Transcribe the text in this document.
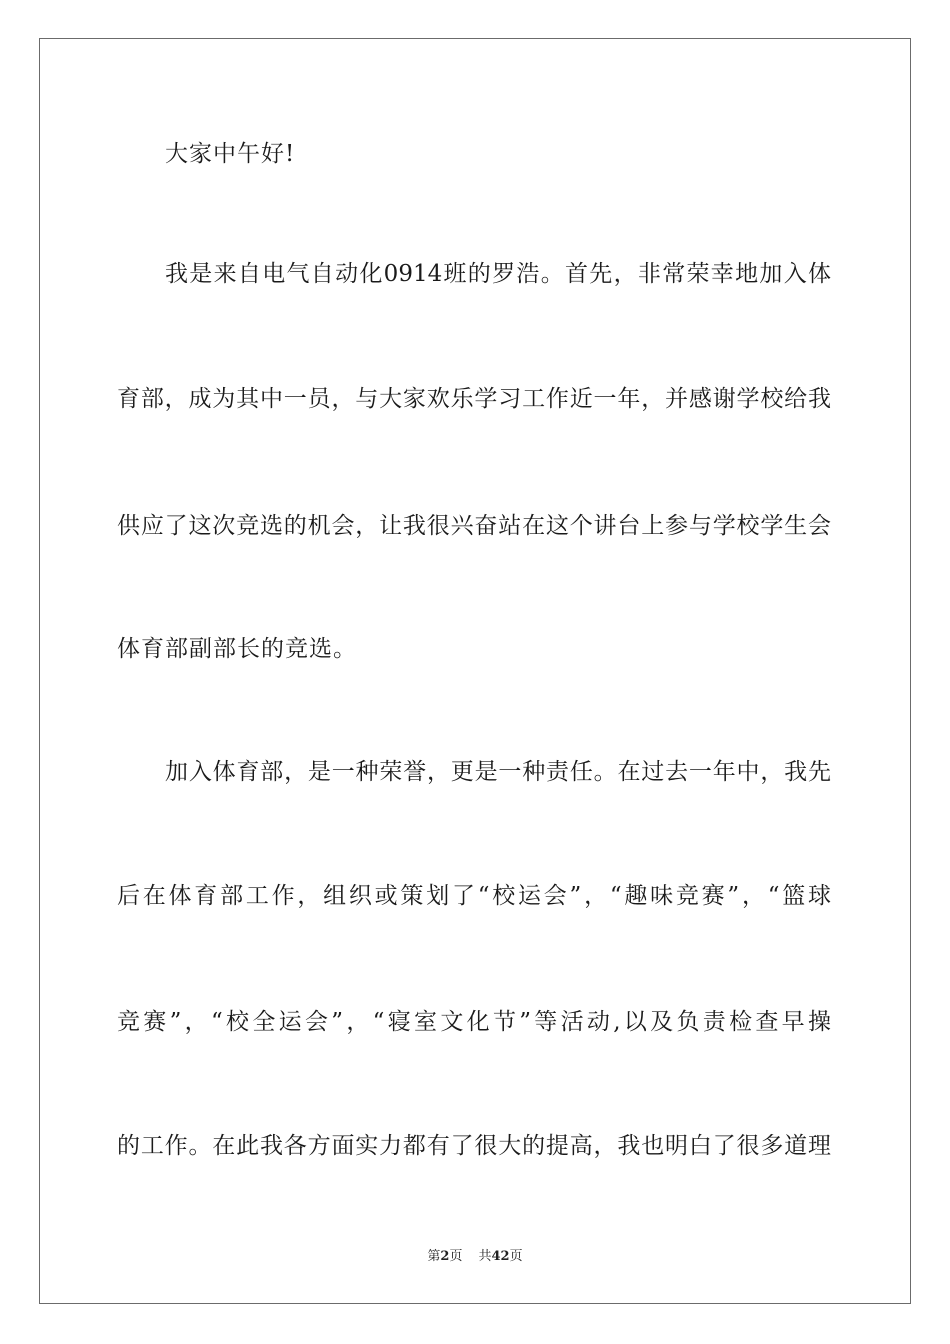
大家中午好!
我是来自电气自动化0914班的罗浩。首先，非常荣幸地加入体
育部，成为其中一员，与大家欢乐学习工作近一年，并感谢学校给我
供应了这次竞选的机会，让我很兴奋站在这个讲台上参与学校学生会
体育部副部长的竞选。
加入体育部，是一种荣誉，更是一种责任。在过去一年中，我先
后在体育部工作，组织或策划了“校运会”，“趣味竞赛”，“篮球
竞赛”，“校全运会”，“寝室文化节”等活动,以及负责检查早操
的工作。在此我各方面实力都有了很大的提高，我也明白了很多道理
第2页 共42页
